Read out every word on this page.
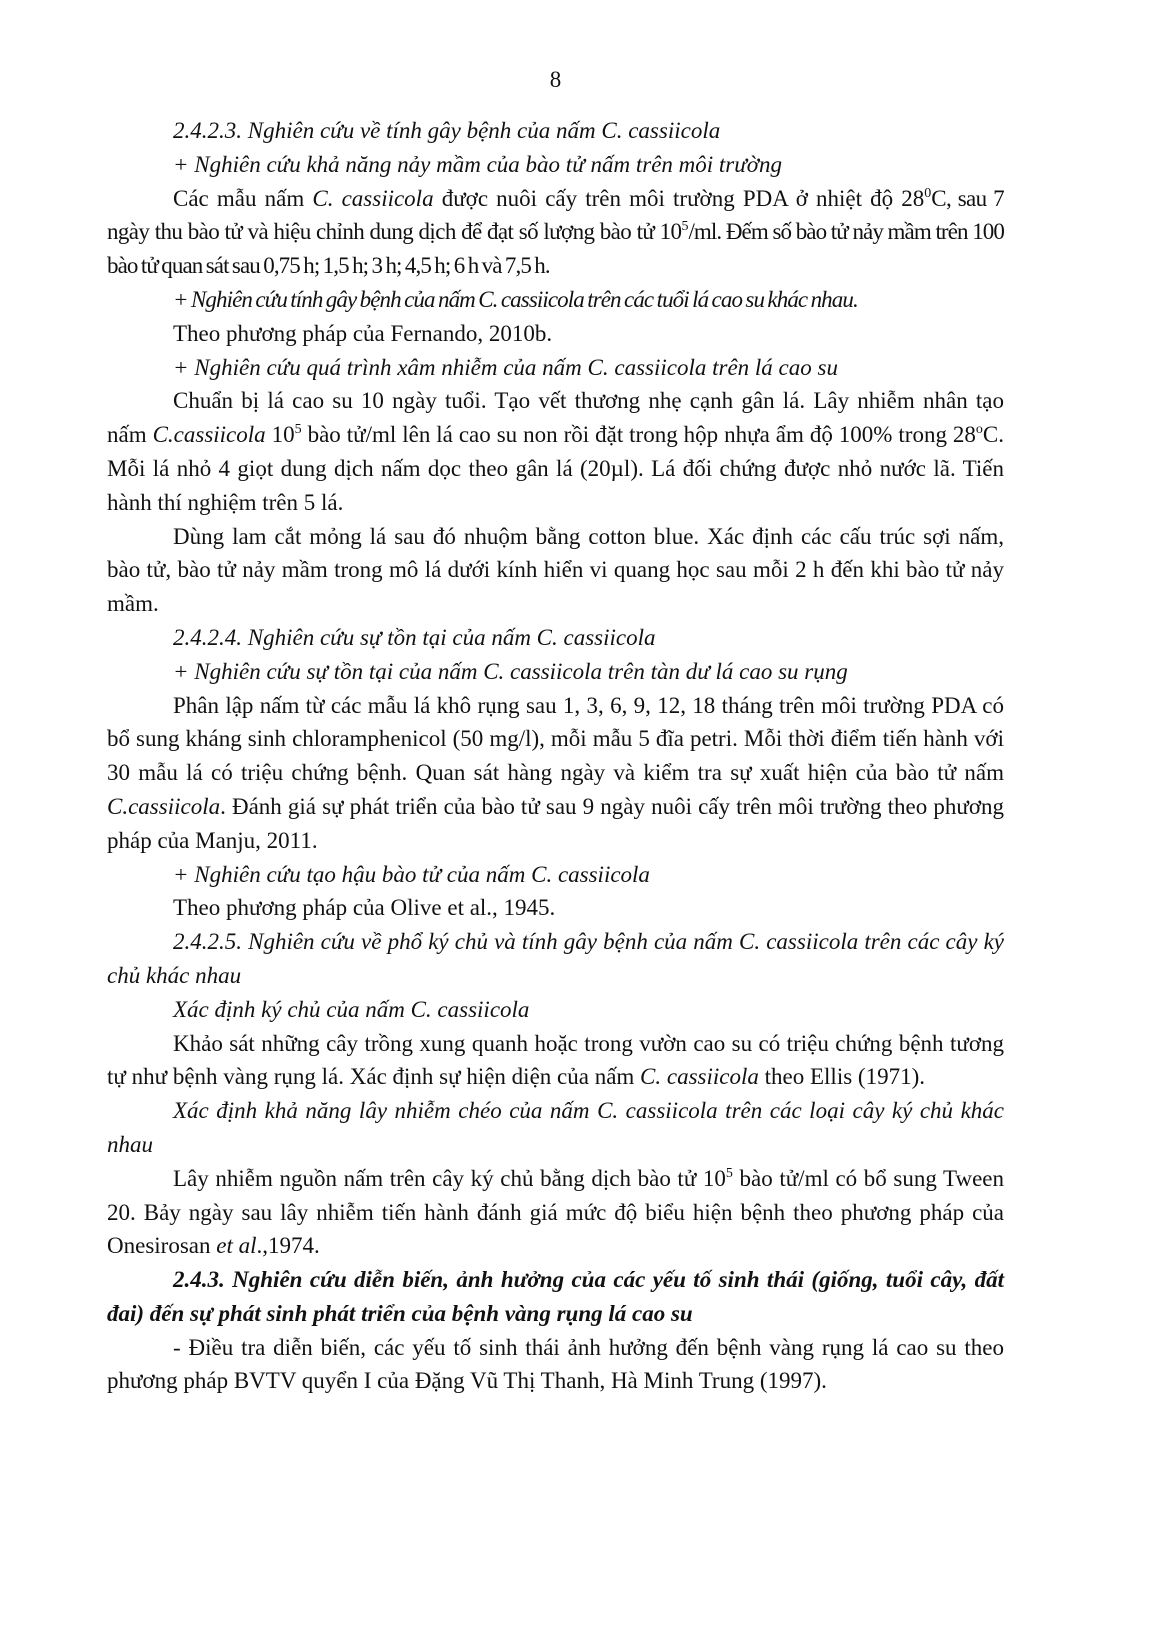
8

2.4.2.3. Nghiên cứu về tính gây bệnh của nấm C. cassiicola

+ Nghiên cứu khả năng nảy mầm của bào tử nấm trên môi trường

Các mẫu nấm C. cassiicola được nuôi cấy trên môi trường PDA ở nhiệt độ $28^0C$, sau 7 ngày thu bào tử và hiệu chỉnh dung dịch để đạt số lượng bào tử $10^5/ml$. Đếm số bào tử nảy mầm trên 100 bào tử quan sát sau 0,75 h; 1,5 h; 3 h; 4,5 h; 6 h và 7,5 h.

+ Nghiên cứu tính gây bệnh của nấm C. cassiicola trên các tuổi lá cao su khác nhau.

Theo phương pháp của Fernando, 2010b.

+ Nghiên cứu quá trình xâm nhiễm của nấm C. cassiicola trên lá cao su

Chuẩn bị lá cao su 10 ngày tuổi. Tạo vết thương nhẹ cạnh gân lá. Lây nhiễm nhân tạo nấm C.cassiicola $10^5$ bào tử/ml lên lá cao su non rồi đặt trong hộp nhựa ẩm độ 100% trong 28$^o$C. Mỗi lá nhỏ 4 giọt dung dịch nấm dọc theo gân lá (20µl). Lá đối chứng được nhỏ nước lã. Tiến hành thí nghiệm trên 5 lá.

Dùng lam cắt mỏng lá sau đó nhuộm bằng cotton blue. Xác định các cấu trúc sợi nấm, bào tử, bào tử nảy mầm trong mô lá dưới kính hiển vi quang học sau mỗi 2 h đến khi bào tử nảy mầm.

2.4.2.4. Nghiên cứu sự tồn tại của nấm C. cassiicola

+ Nghiên cứu sự tồn tại của nấm C. cassiicola trên tàn dư lá cao su rụng

Phân lập nấm từ các mẫu lá khô rụng sau 1, 3, 6, 9, 12, 18 tháng trên môi trường PDA có bổ sung kháng sinh chloramphenicol (50 mg/l), mỗi mẫu 5 đĩa petri. Mỗi thời điểm tiến hành với 30 mẫu lá có triệu chứng bệnh. Quan sát hàng ngày và kiểm tra sự xuất hiện của bào tử nấm C.cassiicola. Đánh giá sự phát triển của bào tử sau 9 ngày nuôi cấy trên môi trường theo phương pháp của Manju, 2011.

+ Nghiên cứu tạo hậu bào tử của nấm C. cassiicola

Theo phương pháp của Olive et al., 1945.

2.4.2.5. Nghiên cứu về phổ ký chủ và tính gây bệnh của nấm C. cassiicola trên các cây ký chủ khác nhau

Xác định ký chủ của nấm C. cassiicola

Khảo sát những cây trồng xung quanh hoặc trong vườn cao su có triệu chứng bệnh tương tự như bệnh vàng rụng lá. Xác định sự hiện diện của nấm C. cassiicola theo Ellis (1971).

Xác định khả năng lây nhiễm chéo của nấm C. cassiicola trên các loại cây ký chủ khác nhau

Lây nhiễm nguồn nấm trên cây ký chủ bằng dịch bào tử $10^5$ bào tử/ml có bổ sung Tween 20. Bảy ngày sau lây nhiễm tiến hành đánh giá mức độ biểu hiện bệnh theo phương pháp của Onesirosan et al.,1974.

2.4.3. Nghiên cứu diễn biến, ảnh hưởng của các yếu tố sinh thái (giống, tuổi cây, đất đai) đến sự phát sinh phát triển của bệnh vàng rụng lá cao su

- Điều tra diễn biến, các yếu tố sinh thái ảnh hưởng đến bệnh vàng rụng lá cao su theo phương pháp BVTV quyển I của Đặng Vũ Thị Thanh, Hà Minh Trung (1997).
